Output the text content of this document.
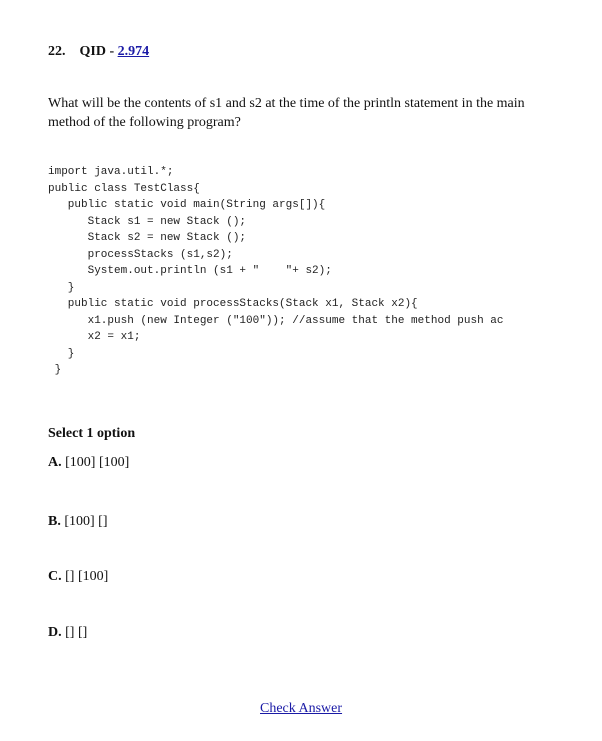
22. QID - 2.974
What will be the contents of s1 and s2 at the time of the println statement in the main method of the following program?
import java.util.*;
public class TestClass{
public static void main(String args[]){
Stack s1 = new Stack ();
Stack s2 = new Stack ();
processStacks (s1,s2);
System.out.println (s1 + "    "+ s2);
}
public static void processStacks(Stack x1, Stack x2){
x1.push (new Integer ("100")); //assume that the method push ac
x2 = x1;
}
}
Select 1 option
A. [100] [100]
B. [100] []
C. [] [100]
D. [] []
Check Answer
